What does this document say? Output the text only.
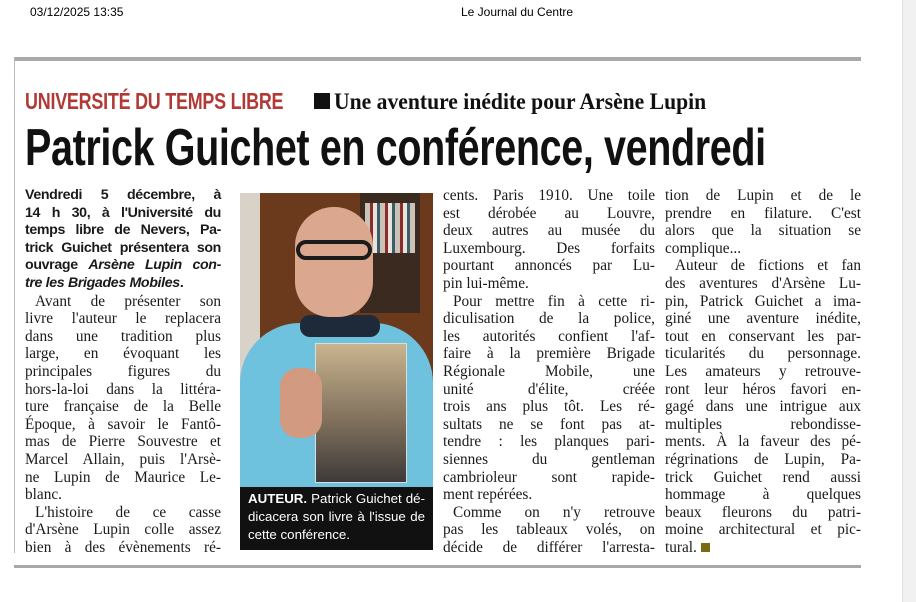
03/12/2025 13:35	Le Journal du Centre
UNIVERSITÉ DU TEMPS LIBRE Une aventure inédite pour Arsène Lupin
Patrick Guichet en conférence, vendredi
Vendredi 5 décembre, à
14 h 30, à l'Université du
temps libre de Nevers, Pa-
trick Guichet présentera son
ouvrage Arsène Lupin con-
tre les Brigades Mobiles.
Avant de présenter son
livre l'auteur le replacera
dans une tradition plus
large, en évoquant les
principales figures du
hors-la-loi dans la littéra-
ture française de la Belle
Époque, à savoir le Fantô-
mas de Pierre Souvestre et
Marcel Allain, puis l'Arsè-
ne Lupin de Maurice Le-
blanc.
L'histoire de ce casse
d'Arsène Lupin colle assez
bien à des évènements ré-
AUTEUR. Patrick Guichet dé-
dicacera son livre à l'issue de
cette conférence.
cents. Paris 1910. Une toile
est dérobée au Louvre,
deux autres au musée du
Luxembourg. Des forfaits
pourtant annoncés par Lu-
pin lui-même.
Pour mettre fin à cette ri-
diculisation de la police,
les autorités confient l'af-
faire à la première Brigade
Régionale Mobile, une
unité d'élite, créée
trois ans plus tôt. Les ré-
sultats ne se font pas at-
tendre : les planques pari-
siennes du gentleman
cambrioleur sont rapide-
ment repérées.
Comme on n'y retrouve
pas les tableaux volés, on
décide de différer l'arresta-
tion de Lupin et de le
prendre en filature. C'est
alors que la situation se
complique...
Auteur de fictions et fan
des aventures d'Arsène Lu-
pin, Patrick Guichet a ima-
giné une aventure inédite,
tout en conservant les par-
ticularités du personnage.
Les amateurs y retrouve-
ront leur héros favori en-
gagé dans une intrigue aux
multiples rebondisse-
ments. À la faveur des pé-
régrinations de Lupin, Pa-
trick Guichet rend aussi
hommage à quelques
beaux fleurons du patri-
moine architectural et pic-
tural.
